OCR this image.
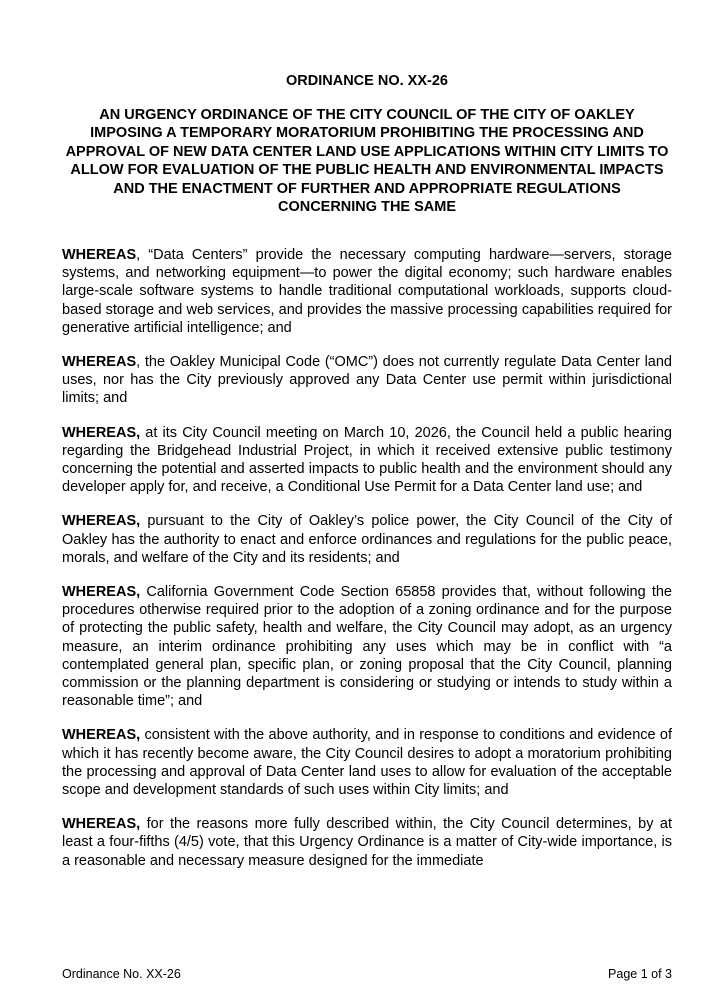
ORDINANCE NO. XX-26
AN URGENCY ORDINANCE OF THE CITY COUNCIL OF THE CITY OF OAKLEY IMPOSING A TEMPORARY MORATORIUM PROHIBITING THE PROCESSING AND APPROVAL OF NEW DATA CENTER LAND USE APPLICATIONS WITHIN CITY LIMITS TO ALLOW FOR EVALUATION OF THE PUBLIC HEALTH AND ENVIRONMENTAL IMPACTS AND THE ENACTMENT OF FURTHER AND APPROPRIATE REGULATIONS CONCERNING THE SAME

WHEREAS, “Data Centers” provide the necessary computing hardware—servers, storage systems, and networking equipment—to power the digital economy; such hardware enables large-scale software systems to handle traditional computational workloads, supports cloud-based storage and web services, and provides the massive processing capabilities required for generative artificial intelligence; and

WHEREAS, the Oakley Municipal Code (“OMC”) does not currently regulate Data Center land uses, nor has the City previously approved any Data Center use permit within jurisdictional limits; and

WHEREAS, at its City Council meeting on March 10, 2026, the Council held a public hearing regarding the Bridgehead Industrial Project, in which it received extensive public testimony concerning the potential and asserted impacts to public health and the environment should any developer apply for, and receive, a Conditional Use Permit for a Data Center land use; and

WHEREAS, pursuant to the City of Oakley’s police power, the City Council of the City of Oakley has the authority to enact and enforce ordinances and regulations for the public peace, morals, and welfare of the City and its residents; and

WHEREAS, California Government Code Section 65858 provides that, without following the procedures otherwise required prior to the adoption of a zoning ordinance and for the purpose of protecting the public safety, health and welfare, the City Council may adopt, as an urgency measure, an interim ordinance prohibiting any uses which may be in conflict with “a contemplated general plan, specific plan, or zoning proposal that the City Council, planning commission or the planning department is considering or studying or intends to study within a reasonable time”; and

WHEREAS, consistent with the above authority, and in response to conditions and evidence of which it has recently become aware, the City Council desires to adopt a moratorium prohibiting the processing and approval of Data Center land uses to allow for evaluation of the acceptable scope and development standards of such uses within City limits; and

WHEREAS, for the reasons more fully described within, the City Council determines, by at least a four-fifths (4/5) vote, that this Urgency Ordinance is a matter of City-wide importance, is a reasonable and necessary measure designed for the immediate

Ordinance No. XX-26	Page 1 of 3
